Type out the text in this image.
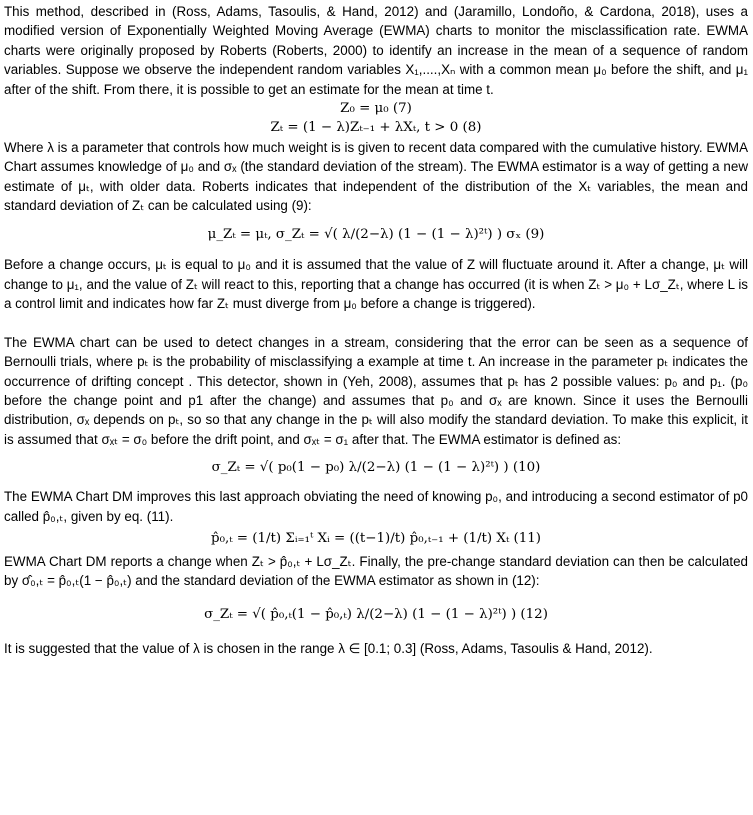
This method, described in (Ross, Adams, Tasoulis, & Hand, 2012) and (Jaramillo, Londoño, & Cardona, 2018), uses a modified version of Exponentially Weighted Moving Average (EWMA) charts to monitor the misclassification rate. EWMA charts were originally proposed by Roberts (Roberts, 2000) to identify an increase in the mean of a sequence of random variables. Suppose we observe the independent random variables X₁,....,Xₙ with a common mean μ₀ before the shift, and μ₁ after of the shift. From there, it is possible to get an estimate for the mean at time t.

Z₀ = μ₀ (7)
Zₜ = (1 − λ)Zₜ₋₁ + λXₜ, t > 0 (8)

Where λ is a parameter that controls how much weight is is given to recent data compared with the cumulative history. EWMA Chart assumes knowledge of μ₀ and σₓ (the standard deviation of the stream). The EWMA estimator is a way of getting a new estimate of μₜ, with older data. Roberts indicates that independent of the distribution of the Xₜ variables, the mean and standard deviation of Zₜ can be calculated using (9):

μ_Zₜ = μₜ, σ_Zₜ = √( λ/(2−λ) (1 − (1 − λ)²ᵗ) ) σₓ (9)

Before a change occurs, μₜ is equal to μ₀ and it is assumed that the value of Z will fluctuate around it. After a change, μₜ will change to μ₁, and the value of Zₜ will react to this, reporting that a change has occurred (it is when Zₜ > μ₀ + Lσ_Zₜ, where L is a control limit and indicates how far Zₜ must diverge from μ₀ before a change is triggered).

The EWMA chart can be used to detect changes in a stream, considering that the error can be seen as a sequence of Bernoulli trials, where pₜ is the probability of misclassifying a example at time t. An increase in the parameter pₜ indicates the occurrence of drifting concept . This detector, shown in (Yeh, 2008), assumes that pₜ has 2 possible values: p₀ and p₁. (p₀ before the change point and p1 after the change) and assumes that p₀ and σₓ are known. Since it uses the Bernoulli distribution, σₓ depends on pₜ, so so that any change in the pₜ will also modify the standard deviation. To make this explicit, it is assumed that σₓₜ = σ₀ before the drift point, and σₓₜ = σ₁ after that. The EWMA estimator is defined as:

σ_Zₜ = √( p₀(1 − p₀) λ/(2−λ) (1 − (1 − λ)²ᵗ) ) (10)

The EWMA Chart DM improves this last approach obviating the need of knowing p₀, and introducing a second estimator of p0 called p̂₀,ₜ, given by eq. (11).

p̂₀,ₜ = (1/t) Σᵢ₌₁ᵗ Xᵢ = ((t−1)/t) p̂₀,ₜ₋₁ + (1/t) Xₜ (11)

EWMA Chart DM reports a change when Zₜ > p̂₀,ₜ + Lσ_Zₜ. Finally, the pre-change standard deviation can then be calculated by σ̂₀,ₜ = p̂₀,ₜ(1 − p̂₀,ₜ) and the standard deviation of the EWMA estimator as shown in (12):

σ_Zₜ = √( p̂₀,ₜ(1 − p̂₀,ₜ) λ/(2−λ) (1 − (1 − λ)²ᵗ) ) (12)

It is suggested that the value of λ is chosen in the range λ ∈ [0.1; 0.3] (Ross, Adams, Tasoulis & Hand, 2012).
